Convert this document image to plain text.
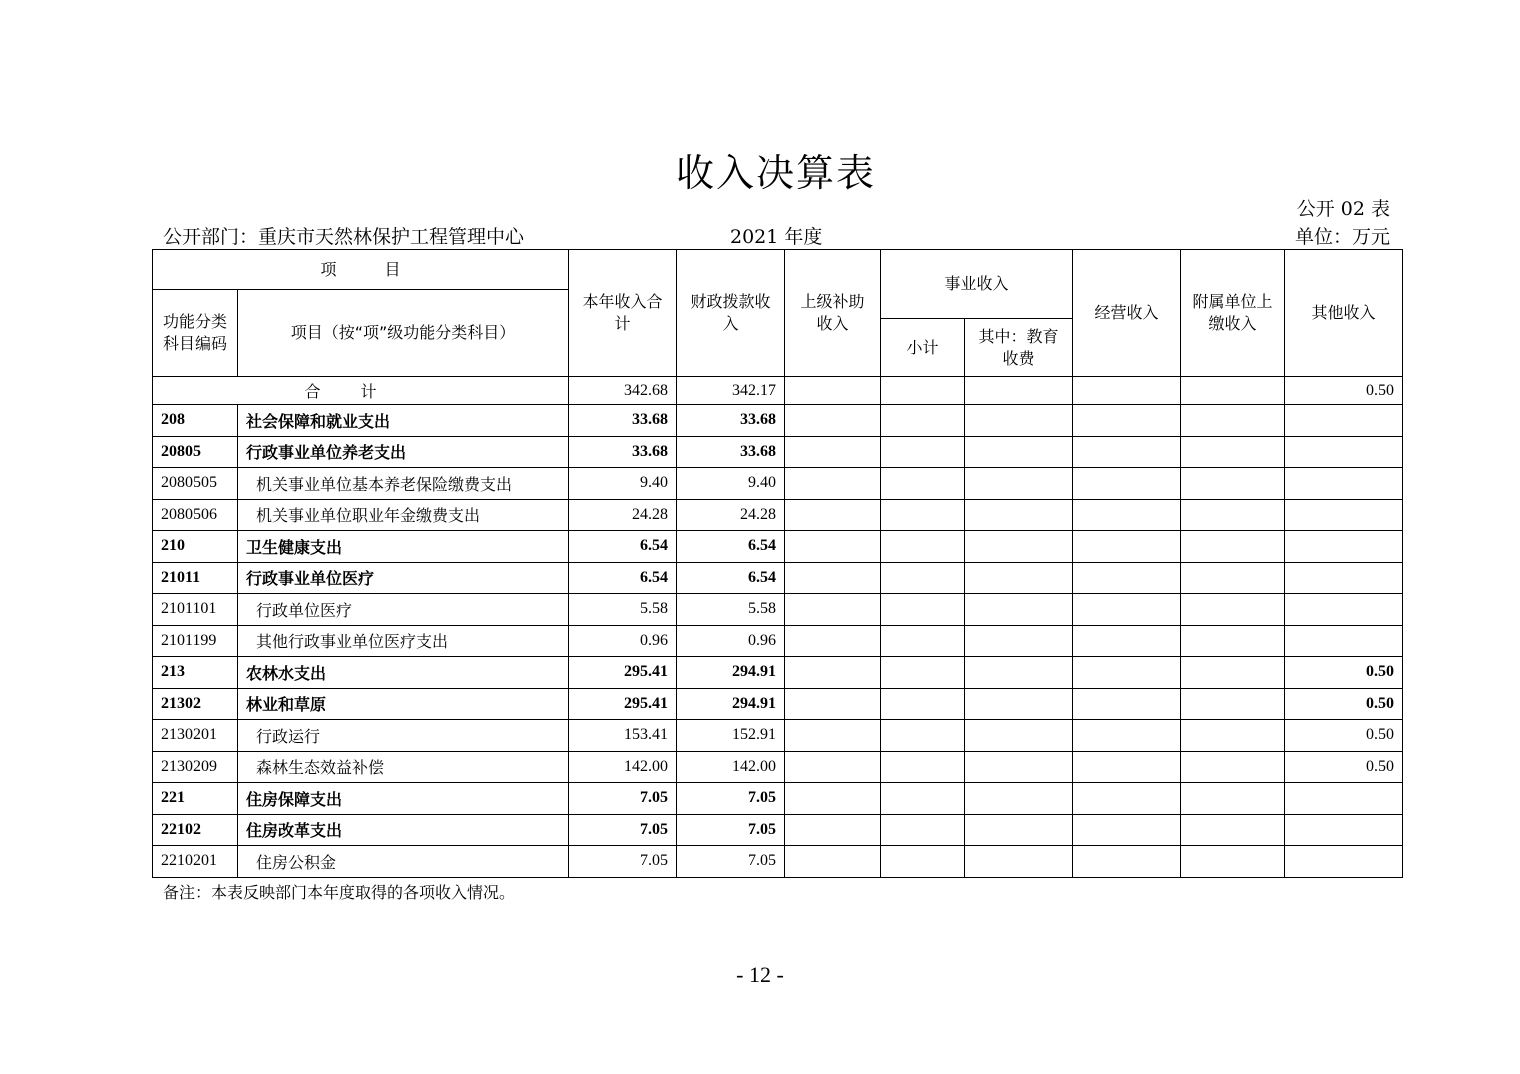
收入决算表
公开 02 表
公开部门：重庆市天然林保护工程管理中心	2021 年度	单位：万元
项　　　目		本年收入合计	财政拨款收入	上级补助收入	事业收入		经营收入	附属单位上缴收入	其他收入
功能分类科目编码	项目（按“项”级功能分类科目）								
					小计	其中：教育收费			
合计		342.68	342.17						0.50
208	社会保障和就业支出	33.68	33.68						
20805	行政事业单位养老支出	33.68	33.68						
2080505	机关事业单位基本养老保险缴费支出	9.40	9.40						
2080506	机关事业单位职业年金缴费支出	24.28	24.28						
210	卫生健康支出	6.54	6.54						
21011	行政事业单位医疗	6.54	6.54						
2101101	行政单位医疗	5.58	5.58						
2101199	其他行政事业单位医疗支出	0.96	0.96						
213	农林水支出	295.41	294.91						0.50
21302	林业和草原	295.41	294.91						0.50
2130201	行政运行	153.41	152.91						0.50
2130209	森林生态效益补偿	142.00	142.00						0.50
221	住房保障支出	7.05	7.05						
22102	住房改革支出	7.05	7.05						
2210201	住房公积金	7.05	7.05						
备注：本表反映部门本年度取得的各项收入情况。
- 12 -
